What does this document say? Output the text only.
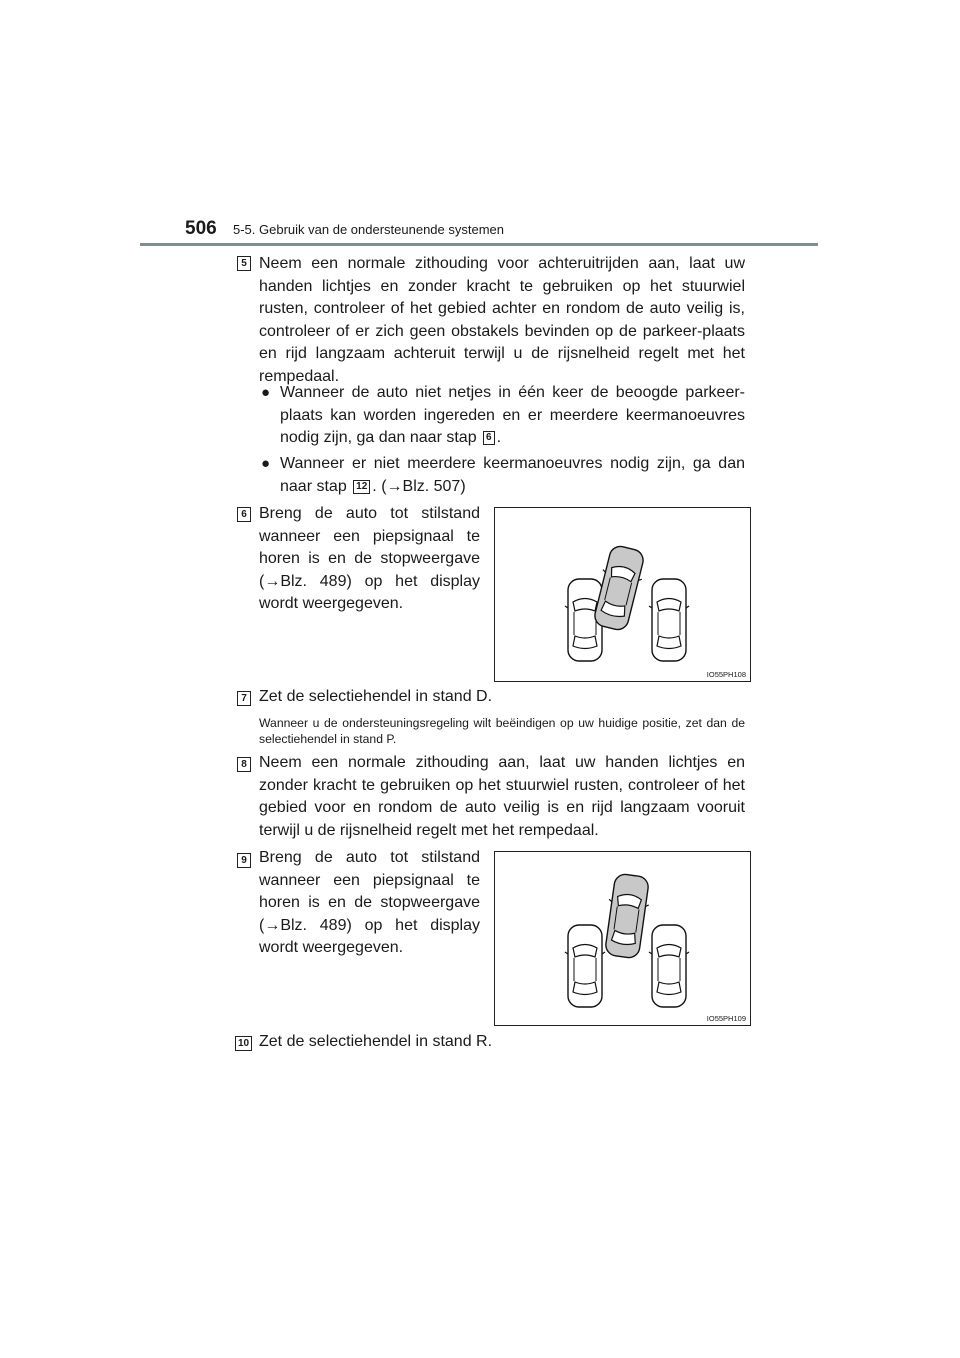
506 5-5. Gebruik van de ondersteunende systemen
5 Neem een normale zithouding voor achteruitrijden aan, laat uw handen lichtjes en zonder kracht te gebruiken op het stuurwiel rusten, controleer of het gebied achter en rondom de auto veilig is, controleer of er zich geen obstakels bevinden op de parkeer-plaats en rijd langzaam achteruit terwijl u de rijsnelheid regelt met het rempedaal.
● Wanneer de auto niet netjes in één keer de beoogde parkeer-plaats kan worden ingereden en er meerdere keermanoeuvres nodig zijn, ga dan naar stap 6 .
● Wanneer er niet meerdere keermanoeuvres nodig zijn, ga dan naar stap 12 . (→Blz. 507)
6 Breng de auto tot stilstand wanneer een piepsignaal te horen is en de stopweergave (→Blz. 489) op het display wordt weergegeven.
IO55PH108
7 Zet de selectiehendel in stand D.
Wanneer u de ondersteuningsregeling wilt beëindigen op uw huidige positie, zet dan de selectiehendel in stand P.
8 Neem een normale zithouding aan, laat uw handen lichtjes en zonder kracht te gebruiken op het stuurwiel rusten, controleer of het gebied voor en rondom de auto veilig is en rijd langzaam vooruit terwijl u de rijsnelheid regelt met het rempedaal.
9 Breng de auto tot stilstand wanneer een piepsignaal te horen is en de stopweergave (→Blz. 489) op het display wordt weergegeven.
IO55PH109
10 Zet de selectiehendel in stand R.
